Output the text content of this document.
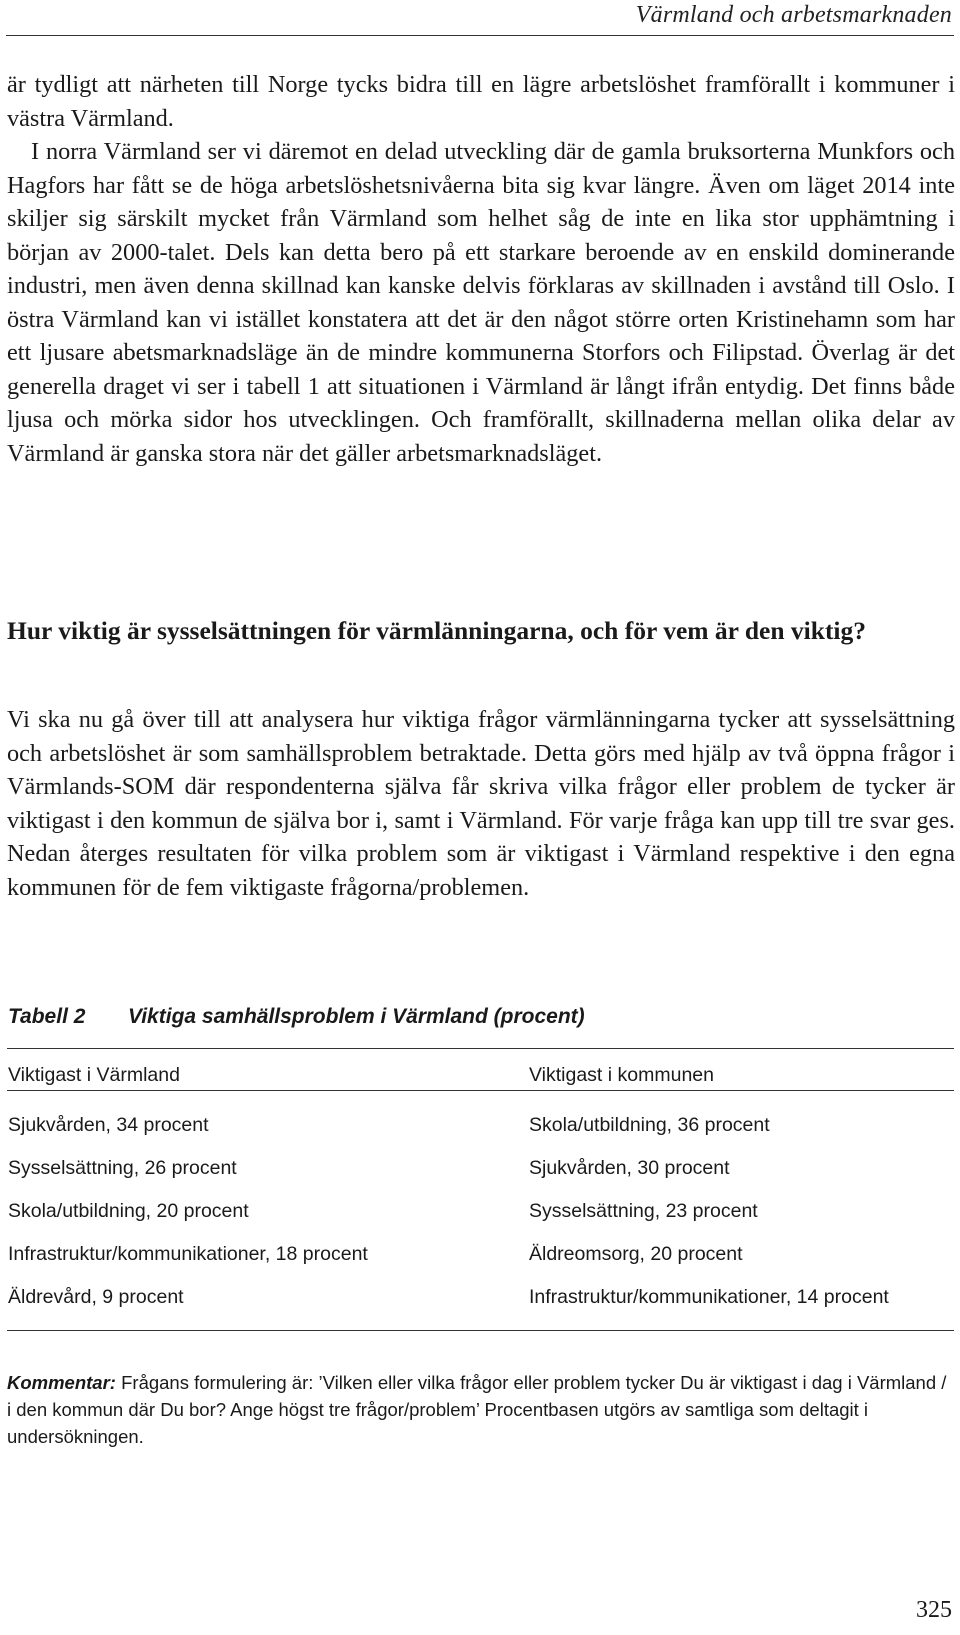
Värmland och arbetsmarknaden

är tydligt att närheten till Norge tycks bidra till en lägre arbetslöshet framförallt i kommuner i västra Värmland.

I norra Värmland ser vi däremot en delad utveckling där de gamla bruksorterna Munkfors och Hagfors har fått se de höga arbetslöshetsnivåerna bita sig kvar längre. Även om läget 2014 inte skiljer sig särskilt mycket från Värmland som helhet såg de inte en lika stor upphämtning i början av 2000-talet. Dels kan detta bero på ett starkare beroende av en enskild dominerande industri, men även denna skillnad kan kanske delvis förklaras av skillnaden i avstånd till Oslo. I östra Värmland kan vi istället konstatera att det är den något större orten Kristinehamn som har ett ljusare abetsmarknadsläge än de mindre kommunerna Storfors och Filipstad. Överlag är det generella draget vi ser i tabell 1 att situationen i Värmland är långt ifrån entydig. Det finns både ljusa och mörka sidor hos utvecklingen. Och framförallt, skillnaderna mellan olika delar av Värmland är ganska stora när det gäller arbetsmarknadsläget.

Hur viktig är sysselsättningen för värmlänningarna, och för vem är den viktig?

Vi ska nu gå över till att analysera hur viktiga frågor värmlänningarna tycker att sysselsättning och arbetslöshet är som samhällsproblem betraktade. Detta görs med hjälp av två öppna frågor i Värmlands-SOM där respondenterna själva får skriva vilka frågor eller problem de tycker är viktigast i den kommun de själva bor i, samt i Värmland. För varje fråga kan upp till tre svar ges. Nedan återges resultaten för vilka problem som är viktigast i Värmland respektive i den egna kommunen för de fem viktigaste frågorna/problemen.

Tabell 2 Viktiga samhällsproblem i Värmland (procent)
Viktigast i Värmland	Viktigast i kommunen
Sjukvården, 34 procent	Skola/utbildning, 36 procent
Sysselsättning, 26 procent	Sjukvården, 30 procent
Skola/utbildning, 20 procent	Sysselsättning, 23 procent
Infrastruktur/kommunikationer, 18 procent	Äldreomsorg, 20 procent
Äldrevård, 9 procent	Infrastruktur/kommunikationer, 14 procent

Kommentar: Frågans formulering är: ’Vilken eller vilka frågor eller problem tycker Du är viktigast i dag i Värmland / i den kommun där Du bor? Ange högst tre frågor/problem’ Procentbasen utgörs av samtliga som deltagit i undersökningen.

325
